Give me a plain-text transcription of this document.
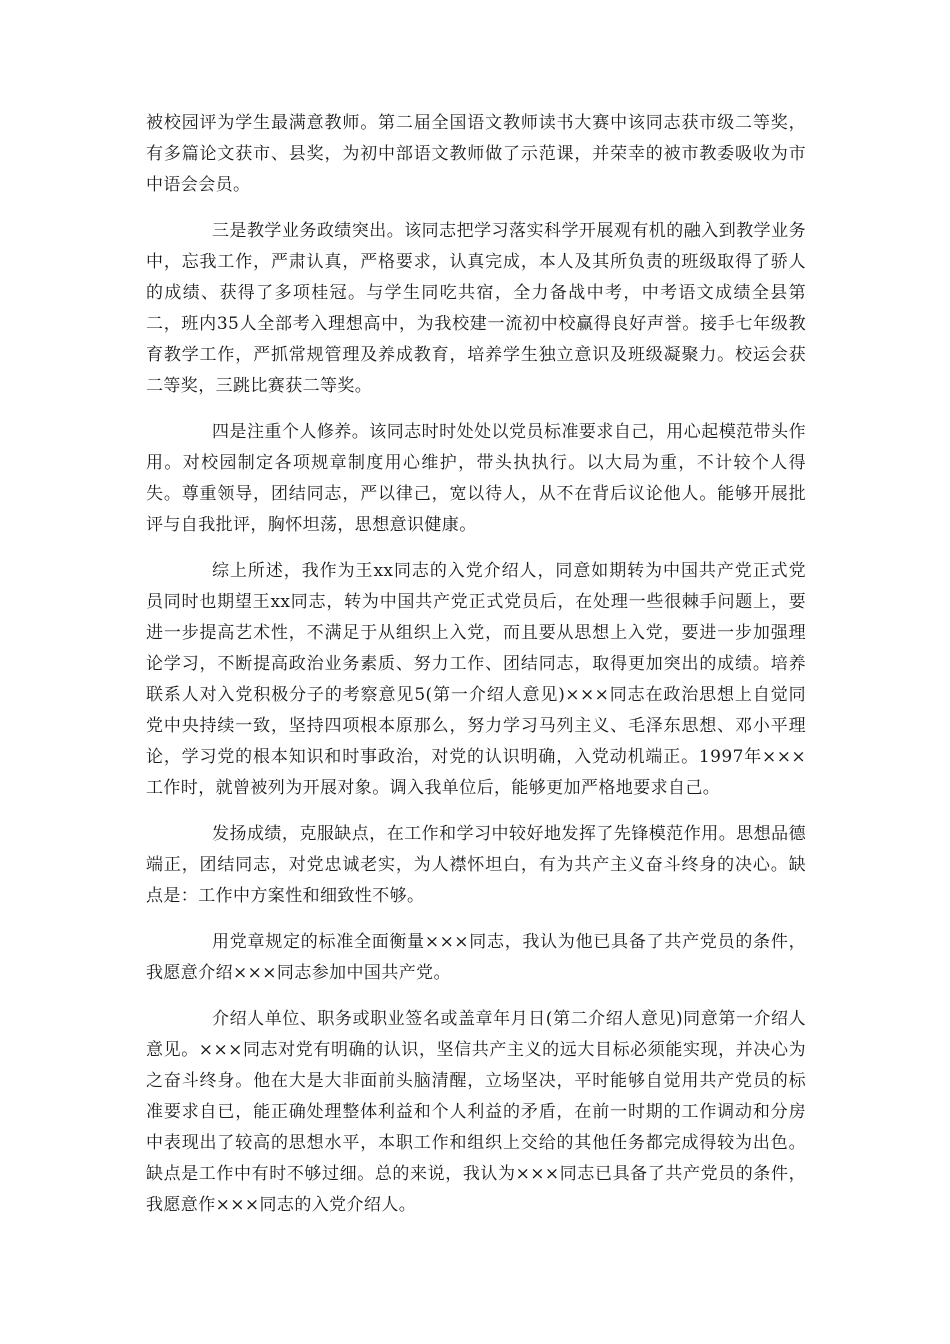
被校园评为学生最满意教师。第二届全国语文教师读书大赛中该同志获市级二等奖，有多篇论文获市、县奖，为初中部语文教师做了示范课，并荣幸的被市教委吸收为市中语会会员。

三是教学业务政绩突出。该同志把学习落实科学开展观有机的融入到教学业务中，忘我工作，严肃认真，严格要求，认真完成，本人及其所负责的班级取得了骄人的成绩、获得了多项桂冠。与学生同吃共宿，全力备战中考，中考语文成绩全县第二，班内35人全部考入理想高中，为我校建一流初中校赢得良好声誉。接手七年级教育教学工作，严抓常规管理及养成教育，培养学生独立意识及班级凝聚力。校运会获二等奖，三跳比赛获二等奖。

四是注重个人修养。该同志时时处处以党员标准要求自己，用心起模范带头作用。对校园制定各项规章制度用心维护，带头执执行。以大局为重，不计较个人得失。尊重领导，团结同志，严以律己，宽以待人，从不在背后议论他人。能够开展批评与自我批评，胸怀坦荡，思想意识健康。

综上所述，我作为王xx同志的入党介绍人，同意如期转为中国共产党正式党员同时也期望王xx同志，转为中国共产党正式党员后，在处理一些很棘手问题上，要进一步提高艺术性，不满足于从组织上入党，而且要从思想上入党，要进一步加强理论学习，不断提高政治业务素质、努力工作、团结同志，取得更加突出的成绩。培养联系人对入党积极分子的考察意见5(第一介绍人意见)×××同志在政治思想上自觉同党中央持续一致，坚持四项根本原那么，努力学习马列主义、毛泽东思想、邓小平理论，学习党的根本知识和时事政治，对党的认识明确，入党动机端正。1997年×××工作时，就曾被列为开展对象。调入我单位后，能够更加严格地要求自己。

发扬成绩，克服缺点，在工作和学习中较好地发挥了先锋模范作用。思想品德端正，团结同志，对党忠诚老实，为人襟怀坦白，有为共产主义奋斗终身的决心。缺点是：工作中方案性和细致性不够。

用党章规定的标准全面衡量×××同志，我认为他已具备了共产党员的条件，我愿意介绍×××同志参加中国共产党。

介绍人单位、职务或职业签名或盖章年月日(第二介绍人意见)同意第一介绍人意见。×××同志对党有明确的认识，坚信共产主义的远大目标必须能实现，并决心为之奋斗终身。他在大是大非面前头脑清醒，立场坚决，平时能够自觉用共产党员的标准要求自已，能正确处理整体利益和个人利益的矛盾，在前一时期的工作调动和分房中表现出了较高的思想水平，本职工作和组织上交给的其他任务都完成得较为出色。缺点是工作中有时不够过细。总的来说，我认为×××同志已具备了共产党员的条件，我愿意作×××同志的入党介绍人。
